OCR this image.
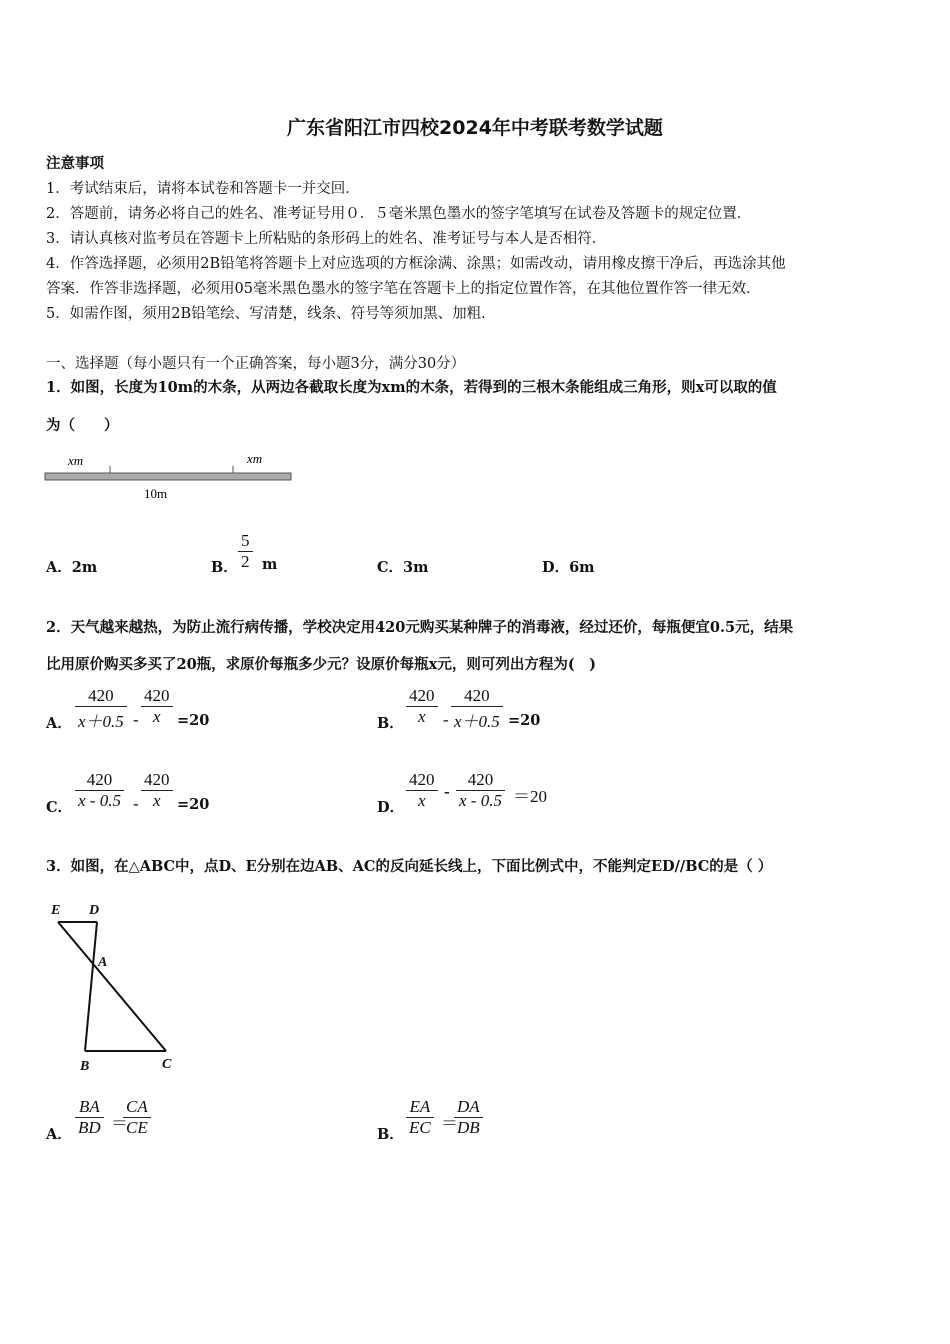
广东省阳江市四校2024年中考联考数学试题
注意事项
1．考试结束后，请将本试卷和答题卡一并交回．
2．答题前，请务必将自己的姓名、准考证号用０．５毫米黑色墨水的签字笔填写在试卷及答题卡的规定位置．
3．请认真核对监考员在答题卡上所粘贴的条形码上的姓名、准考证号与本人是否相符．
4．作答选择题，必须用2B铅笔将答题卡上对应选项的方框涂满、涂黑；如需改动，请用橡皮擦干净后，再选涂其他
答案．作答非选择题，必须用05毫米黑色墨水的签字笔在答题卡上的指定位置作答，在其他位置作答一律无效．
5．如需作图，须用2B铅笔绘、写清楚，线条、符号等须加黑、加粗．
一、选择题（每小题只有一个正确答案，每小题3分，满分30分）
1．如图，长度为10m的木条，从两边各截取长度为xm的木条，若得到的三根木条能组成三角形，则x可以取的值
为（　　）
xm	xm
10m
A．2m	B．
5
2 m	C．3m	D．6m
2．天气越来越热，为防止流行病传播，学校决定用420元购买某种牌子的消毒液，经过还价，每瓶便宜0.5元，结果
比用原价购买多买了20瓶，求原价每瓶多少元？设原价每瓶x元，则可列出方程为(　)
A．
420
x＋0.5 -
420
x	=20	B．
420
x	-
420
x＋0.5 =20
C．
420
x - 0.5 -
420
x	=20	D．
420
x	-
420
x - 0.5 ＝20
3．如图，在△ABC中，点D、E分别在边AB、AC的反向延长线上，下面比例式中，不能判定ED//BC的是（ ）
E D
A
B	C
A．
BA
BD ＝
CA
CE	B．
EA
EC ＝
DA
DB
